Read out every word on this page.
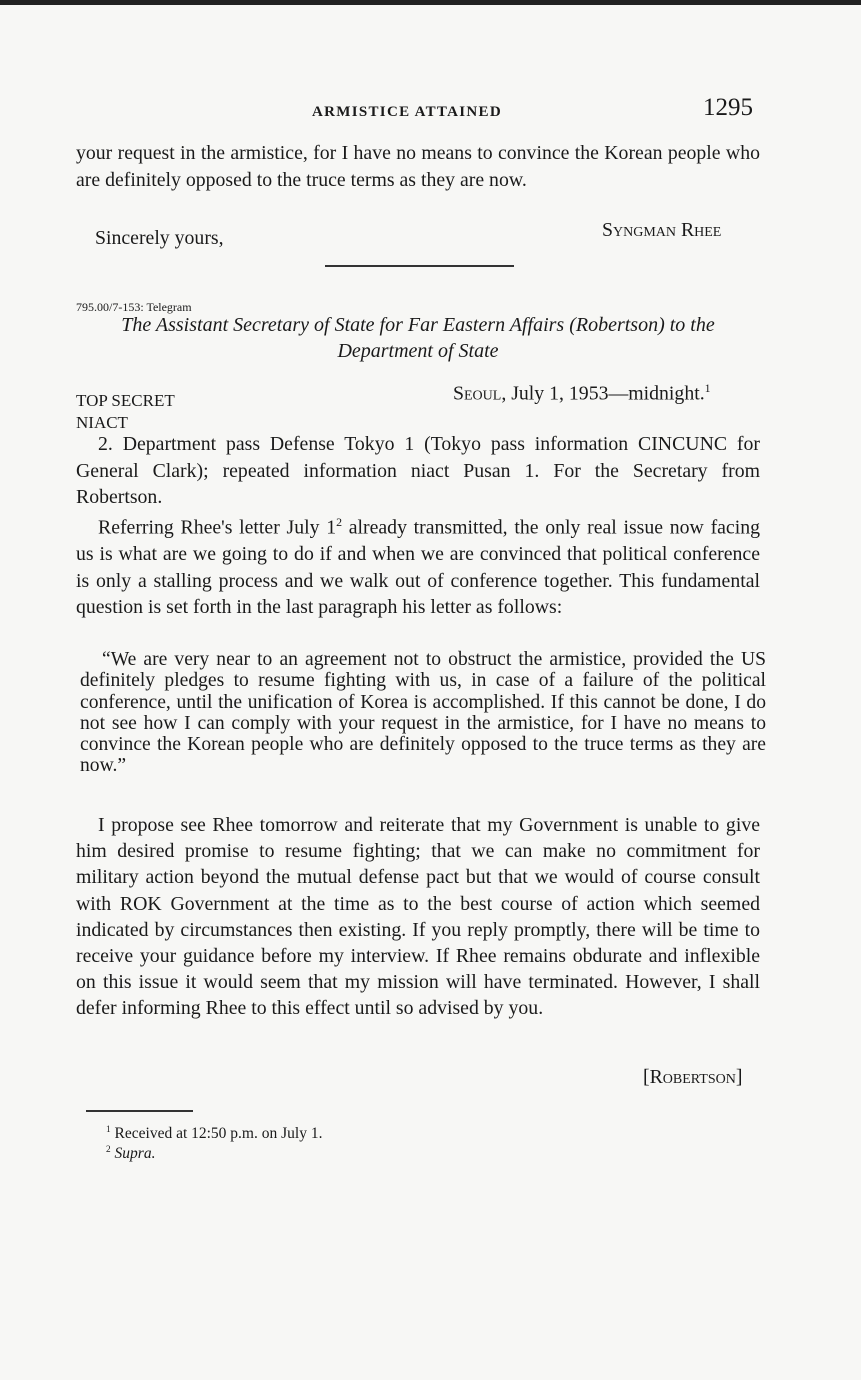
ARMISTICE ATTAINED	1295
your request in the armistice, for I have no means to convince the Korean people who are definitely opposed to the truce terms as they are now.
Sincerely yours,	Syngman Rhee
795.00/7-153: Telegram
The Assistant Secretary of State for Far Eastern Affairs (Robertson) to the Department of State
TOP SECRET
NIACT
Seoul, July 1, 1953—midnight.$^1$
2. Department pass Defense Tokyo 1 (Tokyo pass information CINCUNC for General Clark); repeated information niact Pusan 1. For the Secretary from Robertson.
Referring Rhee's letter July $1^2$ already transmitted, the only real issue now facing us is what are we going to do if and when we are convinced that political conference is only a stalling process and we walk out of conference together. This fundamental question is set forth in the last paragraph his letter as follows:
“We are very near to an agreement not to obstruct the armistice, provided the US definitely pledges to resume fighting with us, in case of a failure of the political conference, until the unification of Korea is accomplished. If this cannot be done, I do not see how I can comply with your request in the armistice, for I have no means to convince the Korean people who are definitely opposed to the truce terms as they are now.”
I propose see Rhee tomorrow and reiterate that my Government is unable to give him desired promise to resume fighting; that we can make no commitment for military action beyond the mutual defense pact but that we would of course consult with ROK Government at the time as to the best course of action which seemed indicated by circumstances then existing. If you reply promptly, there will be time to receive your guidance before my interview. If Rhee remains obdurate and inflexible on this issue it would seem that my mission will have terminated. However, I shall defer informing Rhee to this effect until so advised by you.
[Robertson]
$^1$ Received at 12:50 p.m. on July 1.
$^2$ Supra.
